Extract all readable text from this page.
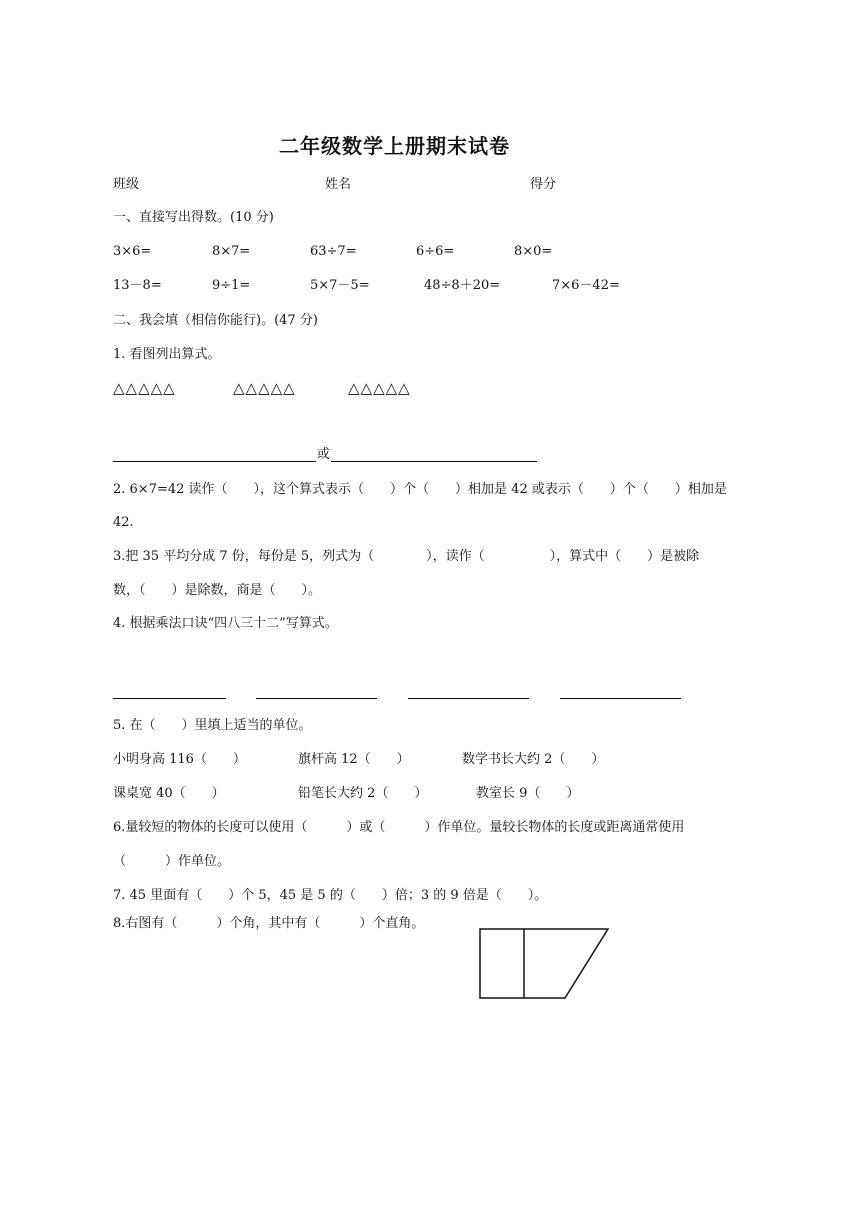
二年级数学上册期末试卷
班级	姓名	得分
一、直接写出得数。(10 分)
3×6=	8×7=	63÷7=	6÷6=	8×0=
13－8=	9÷1=	5×7－5=	48÷8＋20=	7×6－42=
二、我会填（相信你能行)。(47 分)
1. 看图列出算式。
△△△△△	△△△△△	△△△△△
或
2. 6×7=42 读作（　　），这个算式表示（　　）个（　　）相加是 42 或表示（　　）个（　　）相加是
42.
3.把 35 平均分成 7 份，每份是 5，列式为（　　　　），读作（　　　　　），算式中（　　）是被除
数，（　　）是除数，商是（　　）。
4. 根据乘法口诀“四八三十二”写算式。
5. 在（　　）里填上适当的单位。
小明身高 116（　　）	旗杆高 12（　　）	数学书长大约 2（　　）
课桌宽 40（　　）	铅笔长大约 2（　　）	教室长 9（　　）
6.量较短的物体的长度可以使用（　　　）或（　　　）作单位。量较长物体的长度或距离通常使用
（　　　）作单位。
7. 45 里面有（　　）个 5，45 是 5 的（　　）倍；3 的 9 倍是（　　）。
8.右图有（　　　）个角，其中有（　　　）个直角。
